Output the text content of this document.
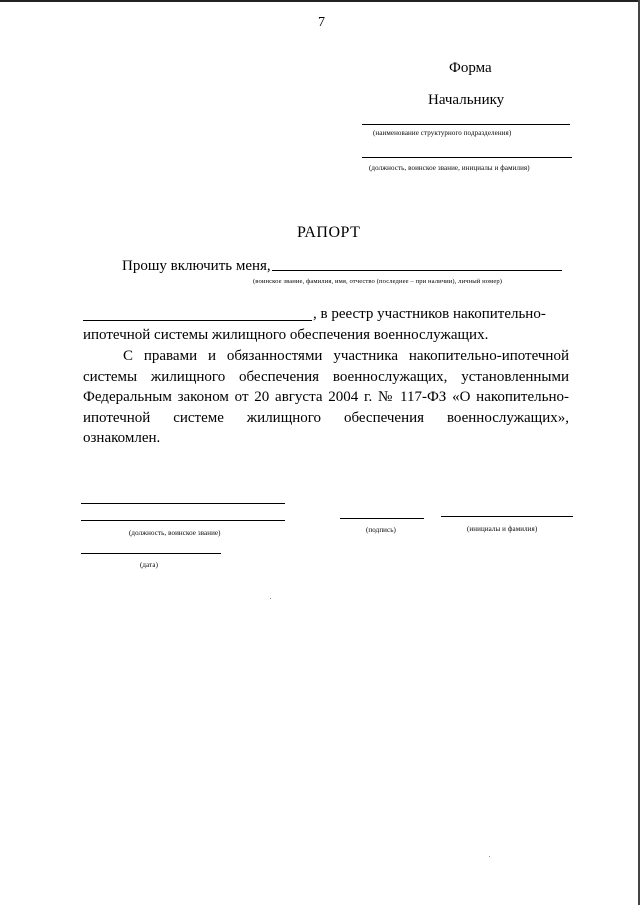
7
Форма
Начальнику
(наименование структурного подразделения)
(должность, воинское звание, инициалы и фамилия)
РАПОРТ
Прошу включить меня,
(воинское звание, фамилия, имя, отчество (последнее – при наличии), личный номер)
, в реестр участников накопительно-
ипотечной системы жилищного обеспечения военнослужащих.
С правами и обязанностями участника накопительно-ипотечной
системы жилищного обеспечения военнослужащих, установленными
Федеральным законом от 20 августа 2004 г. № 117-ФЗ «О накопительно-
ипотечной системе жилищного обеспечения военнослужащих»,
ознакомлен.
(должность, воинское звание)	(подпись)	(инициалы и фамилия)
(дата)
